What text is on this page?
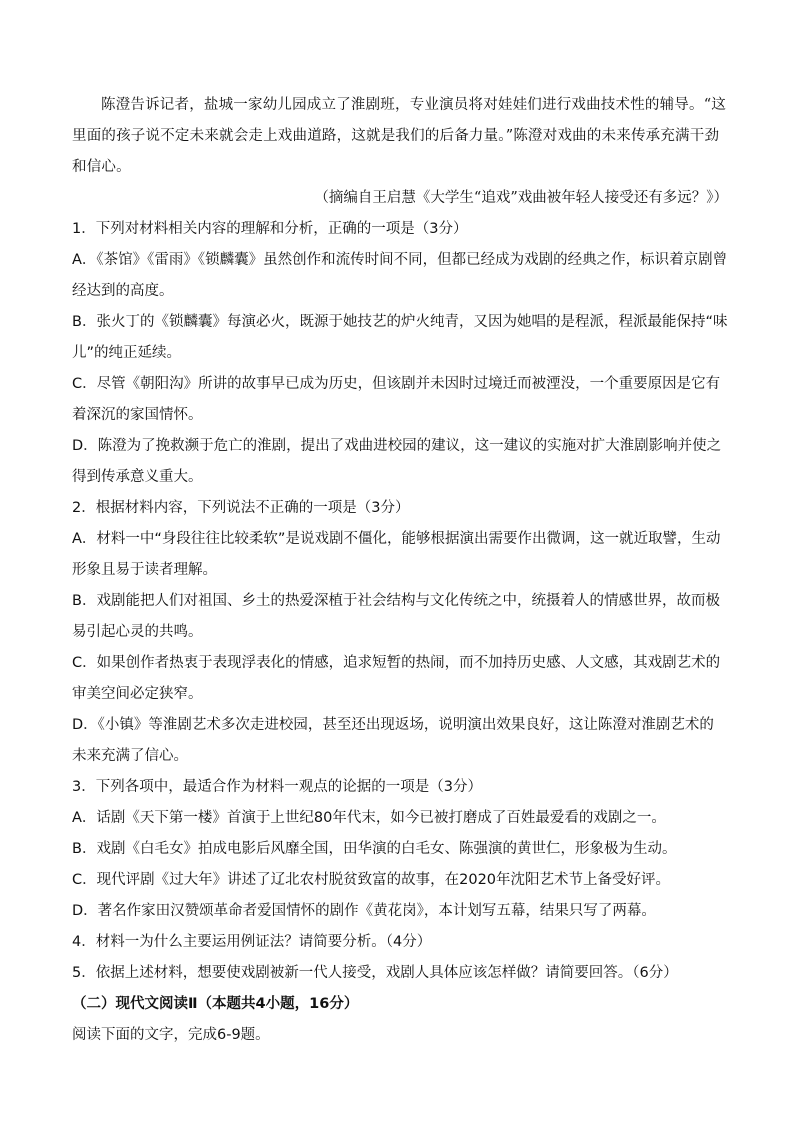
陈澄告诉记者，盐城一家幼儿园成立了淮剧班，专业演员将对娃娃们进行戏曲技术性的辅导。“这里面的孩子说不定未来就会走上戏曲道路，这就是我们的后备力量。”陈澄对戏曲的未来传承充满干劲和信心。

（摘编自王启慧《大学生“追戏”戏曲被年轻人接受还有多远？》）

1．下列对材料相关内容的理解和分析，正确的一项是（3分）

A．《茶馆》《雷雨》《锁麟囊》虽然创作和流传时间不同，但都已经成为戏剧的经典之作，标识着京剧曾经达到的高度。

B．张火丁的《锁麟囊》每演必火，既源于她技艺的炉火纯青，又因为她唱的是程派，程派最能保持“味儿”的纯正延续。

C．尽管《朝阳沟》所讲的故事早已成为历史，但该剧并未因时过境迁而被湮没，一个重要原因是它有着深沉的家国情怀。

D．陈澄为了挽救濒于危亡的淮剧，提出了戏曲进校园的建议，这一建议的实施对扩大淮剧影响并使之得到传承意义重大。

2．根据材料内容，下列说法不正确的一项是（3分）

A．材料一中“身段往往比较柔软”是说戏剧不僵化，能够根据演出需要作出微调，这一就近取譬，生动形象且易于读者理解。

B．戏剧能把人们对祖国、乡土的热爱深植于社会结构与文化传统之中，统摄着人的情感世界，故而极易引起心灵的共鸣。

C．如果创作者热衷于表现浮表化的情感，追求短暂的热闹，而不加持历史感、人文感，其戏剧艺术的审美空间必定狭窄。

D．《小镇》等淮剧艺术多次走进校园，甚至还出现返场，说明演出效果良好，这让陈澄对淮剧艺术的未来充满了信心。

3．下列各项中，最适合作为材料一观点的论据的一项是（3分）

A．话剧《天下第一楼》首演于上世纪80年代末，如今已被打磨成了百姓最爱看的戏剧之一。

B．戏剧《白毛女》拍成电影后风靡全国，田华演的白毛女、陈强演的黄世仁，形象极为生动。

C．现代评剧《过大年》讲述了辽北农村脱贫致富的故事，在2020年沈阳艺术节上备受好评。

D．著名作家田汉赞颂革命者爱国情怀的剧作《黄花岗》，本计划写五幕，结果只写了两幕。

4．材料一为什么主要运用例证法？请简要分析。（4分）

5．依据上述材料，想要使戏剧被新一代人接受，戏剧人具体应该怎样做？请简要回答。（6分）

（二）现代文阅读Ⅱ（本题共4小题，16分）

阅读下面的文字，完成6-9题。
